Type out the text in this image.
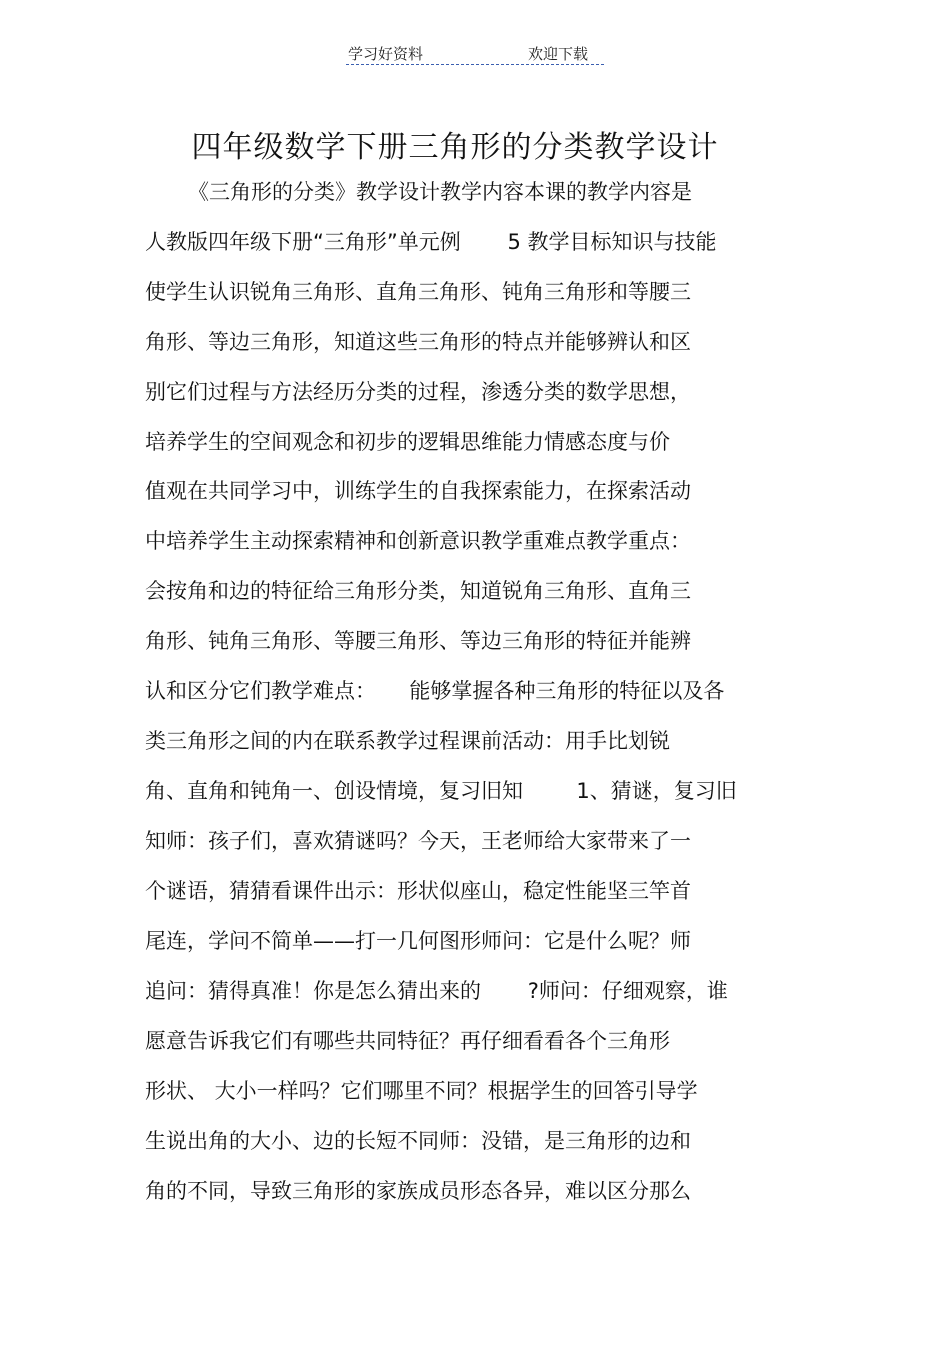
学习好资料	欢迎下载
四年级数学下册三角形的分类教学设计
《三角形的分类》教学设计教学内容本课的教学内容是
人教版四年级下册“三角形”单元例       5 教学目标知识与技能
使学生认识锐角三角形、直角三角形、钝角三角形和等腰三
角形、等边三角形，知道这些三角形的特点并能够辨认和区
别它们过程与方法经历分类的过程，渗透分类的数学思想，
培养学生的空间观念和初步的逻辑思维能力情感态度与价
值观在共同学习中，训练学生的自我探索能力，在探索活动
中培养学生主动探索精神和创新意识教学重难点教学重点：
会按角和边的特征给三角形分类，知道锐角三角形、直角三
角形、钝角三角形、等腰三角形、等边三角形的特征并能辨
认和区分它们教学难点：     能够掌握各种三角形的特征以及各
类三角形之间的内在联系教学过程课前活动：用手比划锐
角、直角和钝角一、创设情境，复习旧知        1、猜谜，复习旧
知师：孩子们，喜欢猜谜吗？今天，王老师给大家带来了一
个谜语，猜猜看课件出示：形状似座山，稳定性能坚三竿首
尾连，学问不简单——打一几何图形师问：它是什么呢？师
追问：猜得真准！你是怎么猜出来的       ?师问：仔细观察，谁
愿意告诉我它们有哪些共同特征？再仔细看看各个三角形
形状、 大小一样吗？它们哪里不同？根据学生的回答引导学
生说出角的大小、边的长短不同师：没错，是三角形的边和
角的不同，导致三角形的家族成员形态各异，难以区分那么
